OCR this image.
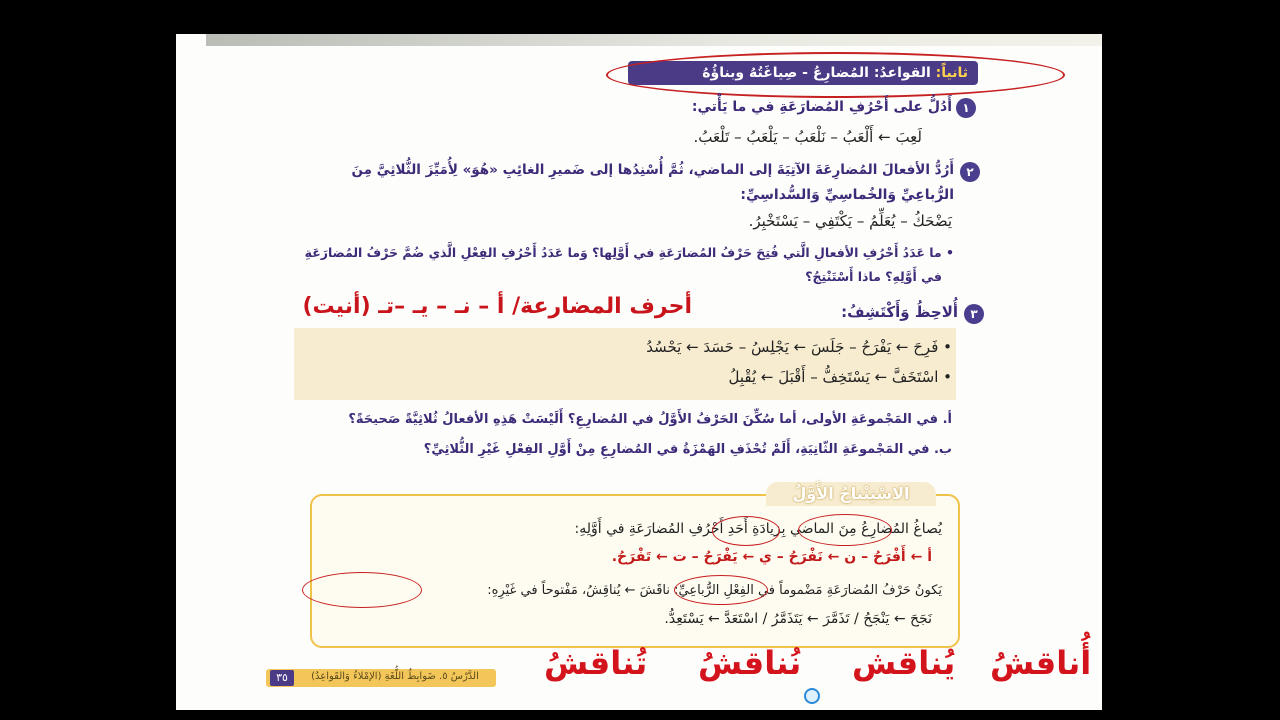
ثانياً: القواعدُ: المُضارِعُ - صِياغَتُهُ وبناؤُهُ
١
أَدُلُّ على أَحْرُفِ المُضارَعَةِ في ما يَأْتي:
لَعِبَ ← أَلْعَبُ – نَلْعَبُ – يَلْعَبُ – تَلْعَبُ.
٢
أَرُدُّ الأفعالَ المُضارِعَةَ الآتِيَةَ إلى الماضي، ثُمَّ أُسْنِدُها إلى ضَميرِ الغائِبِ «هُوَ» لِأُمَيِّزَ الثُّلاثِيَّ مِنَ
الرُّباعِيِّ وَالخُماسِيِّ وَالسُّداسِيِّ:
يَضْحَكُ – يُعَلِّمُ – يَكْتَفِي – يَسْتَخْبِرُ.
• ما عَدَدُ أَحْرُفِ الأفعالِ الَّتي فُتِحَ حَرْفُ المُضارَعَةِ في أَوَّلِها؟ وَما عَدَدُ أَحْرُفِ الفِعْلِ الَّذي ضُمَّ حَرْفُ المُضارَعَةِ
في أَوَّلِهِ؟ ماذا أَسْتَنْتِجُ؟
٣
أُلاحِظُ وَأَكْتَشِفُ:
أحرف المضارعة/ أ – نـ – يـ –تـ (أنيت)
• فَرِحَ ← يَفْرَحُ – جَلَسَ ← يَجْلِسُ – حَسَدَ ← يَحْسُدُ
• اسْتَخَفَّ ← يَسْتَخِفُّ – أَقْبَلَ ← يُقْبِلُ
أ. في المَجْموعَةِ الأولى، أما سُكِّنَ الحَرْفُ الأَوَّلُ في المُضارِعِ؟ أَلَيْسَتْ هَذِهِ الأفعالُ ثُلاثِيَّةً صَحيحَةً؟
ب. في المَجْموعَةِ الثّانِيَةِ، أَلَمْ تُحْذَفِ الهَمْزَةُ في المُضارِعِ مِنْ أَوَّلِ الفِعْلِ غَيْرِ الثُّلاثِيِّ؟
الاسْتِنْتاجُ الأَوَّلُ
يُصاغُ المُضارِعُ مِنَ الماضي بِزيادَةِ أَحَدِ أَحْرُفِ المُضارَعَةِ في أَوَّلِهِ:
أ ← أَفْرَحُ – ن ← نَفْرَحُ – ي ← يَفْرَحُ – ت ← تَفْرَحُ.
يَكونُ حَرْفُ المُضارَعَةِ مَضْموماً في الفِعْلِ الرُّباعِيِّ: ناقَشَ ← يُناقِشُ، مَفْتوحاً في غَيْرِهِ:
نَجَحَ ← يَنْجَحُ / تَذَمَّرَ ← يَتَذَمَّرُ / اسْتَعَدَّ ← يَسْتَعِدُّ.
٣٥	الدَّرْسُ ٥. ضَوابِطُ اللُّغَةِ (الإمْلاءُ وَالقَواعِدُ)	أُناقشُ
يُناقش
نُناقشُ
تُناقشُ
